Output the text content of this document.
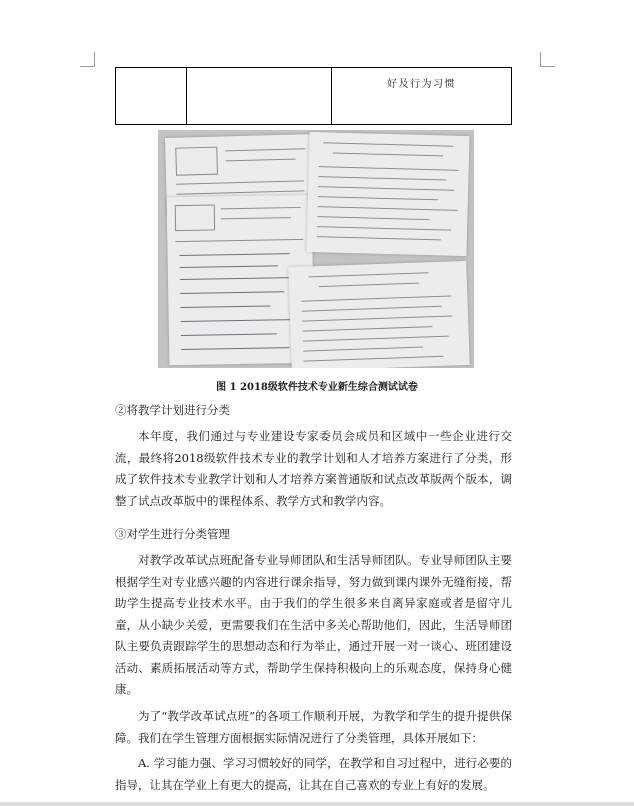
		好及行为习惯
图 1 2018级软件技术专业新生综合测试试卷

②将教学计划进行分类

本年度，我们通过与专业建设专家委员会成员和区域中一些企业进行交流，最终将2018级软件技术专业的教学计划和人才培养方案进行了分类，形成了软件技术专业教学计划和人才培养方案普通版和试点改革版两个版本，调整了试点改革版中的课程体系、教学方式和教学内容。

③对学生进行分类管理

对教学改革试点班配备专业导师团队和生活导师团队。专业导师团队主要根据学生对专业感兴趣的内容进行课余指导，努力做到课内课外无缝衔接，帮助学生提高专业技术水平。由于我们的学生很多来自离异家庭或者是留守儿童，从小缺少关爱，更需要我们在生活中多关心帮助他们，因此，生活导师团队主要负责跟踪学生的思想动态和行为举止，通过开展一对一谈心、班团建设活动、素质拓展活动等方式，帮助学生保持积极向上的乐观态度，保持身心健康。

为了“教学改革试点班”的各项工作顺利开展，为教学和学生的提升提供保障。我们在学生管理方面根据实际情况进行了分类管理，具体开展如下：

A. 学习能力强、学习习惯较好的同学，在教学和自习过程中，进行必要的指导，让其在学业上有更大的提高，让其在自己喜欢的专业上有好的发展。
